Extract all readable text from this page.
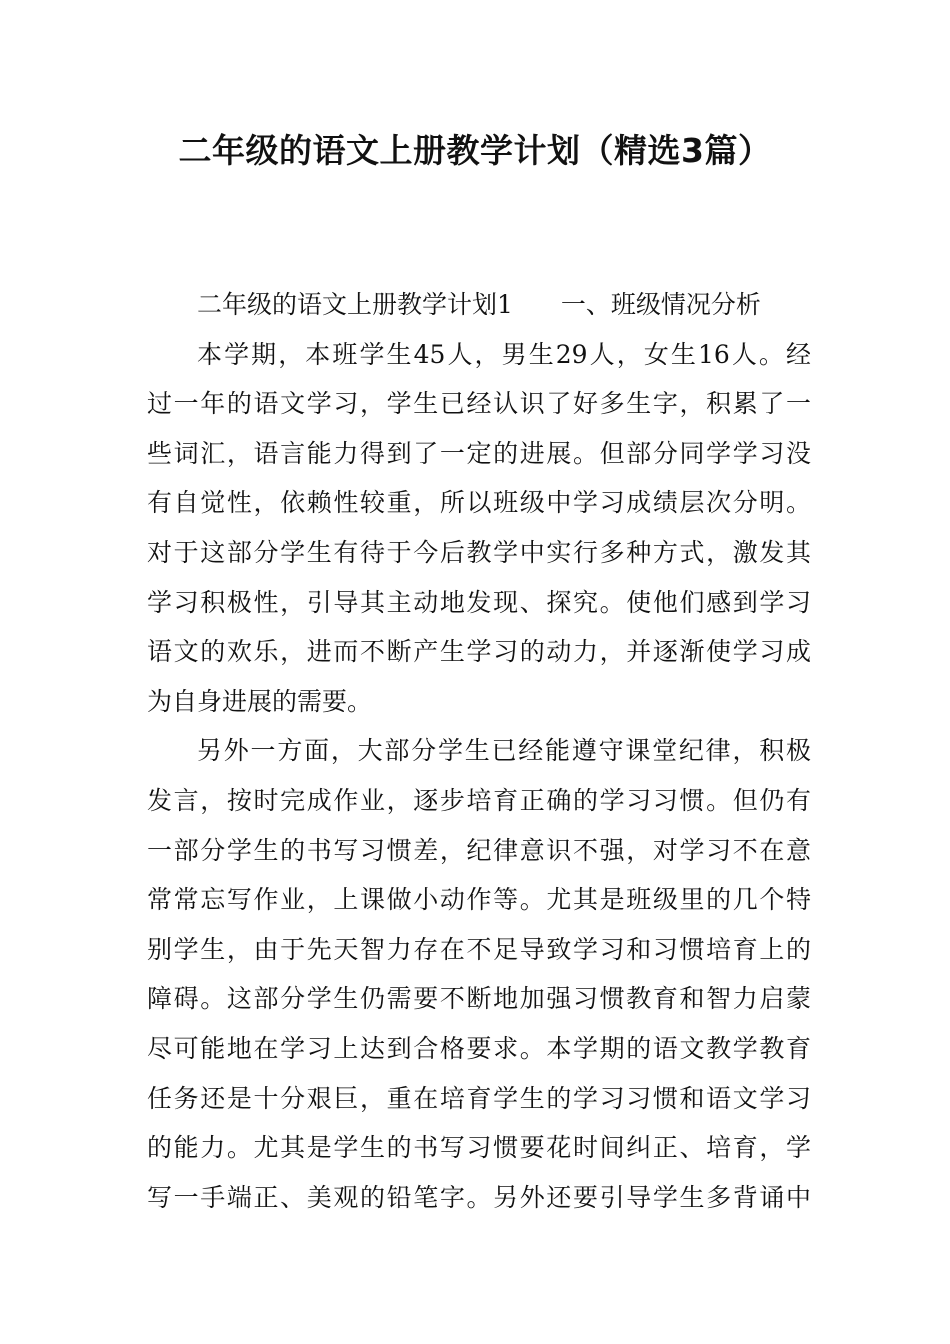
二年级的语文上册教学计划（精选3篇）
二年级的语文上册教学计划1 一、班级情况分析
本学期，本班学生45人，男生29人，女生16人。经
过一年的语文学习，学生已经认识了好多生字，积累了一
些词汇，语言能力得到了一定的进展。但部分同学学习没
有自觉性，依赖性较重，所以班级中学习成绩层次分明。
对于这部分学生有待于今后教学中实行多种方式，激发其
学习积极性，引导其主动地发现、探究。使他们感到学习
语文的欢乐，进而不断产生学习的动力，并逐渐使学习成
为自身进展的需要。
另外一方面，大部分学生已经能遵守课堂纪律，积极
发言，按时完成作业，逐步培育正确的学习习惯。但仍有
一部分学生的书写习惯差，纪律意识不强，对学习不在意
常常忘写作业，上课做小动作等。尤其是班级里的几个特
别学生，由于先天智力存在不足导致学习和习惯培育上的
障碍。这部分学生仍需要不断地加强习惯教育和智力启蒙
尽可能地在学习上达到合格要求。本学期的语文教学教育
任务还是十分艰巨，重在培育学生的学习习惯和语文学习
的能力。尤其是学生的书写习惯要花时间纠正、培育，学
写一手端正、美观的铅笔字。另外还要引导学生多背诵中
